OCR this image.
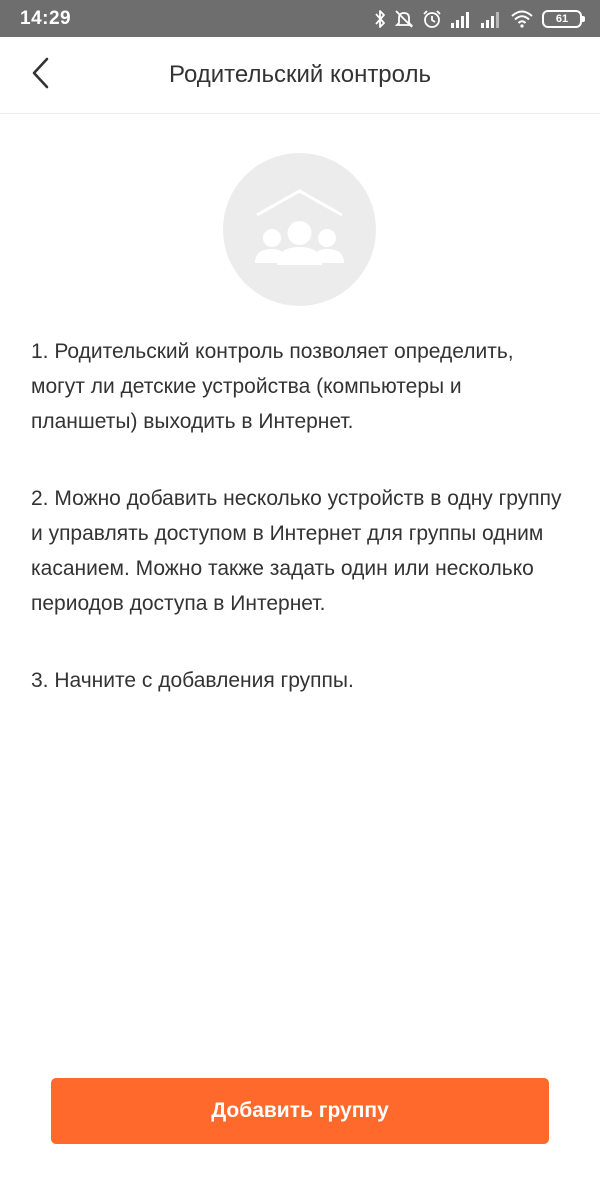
14:29	61
Родительский контроль

1. Родительский контроль позволяет определить, могут ли детские устройства (компьютеры и планшеты) выходить в Интернет.

2. Можно добавить несколько устройств в одну группу и управлять доступом в Интернет для группы одним касанием. Можно также задать один или несколько периодов доступа в Интернет.

3. Начните с добавления группы.

Добавить группу
